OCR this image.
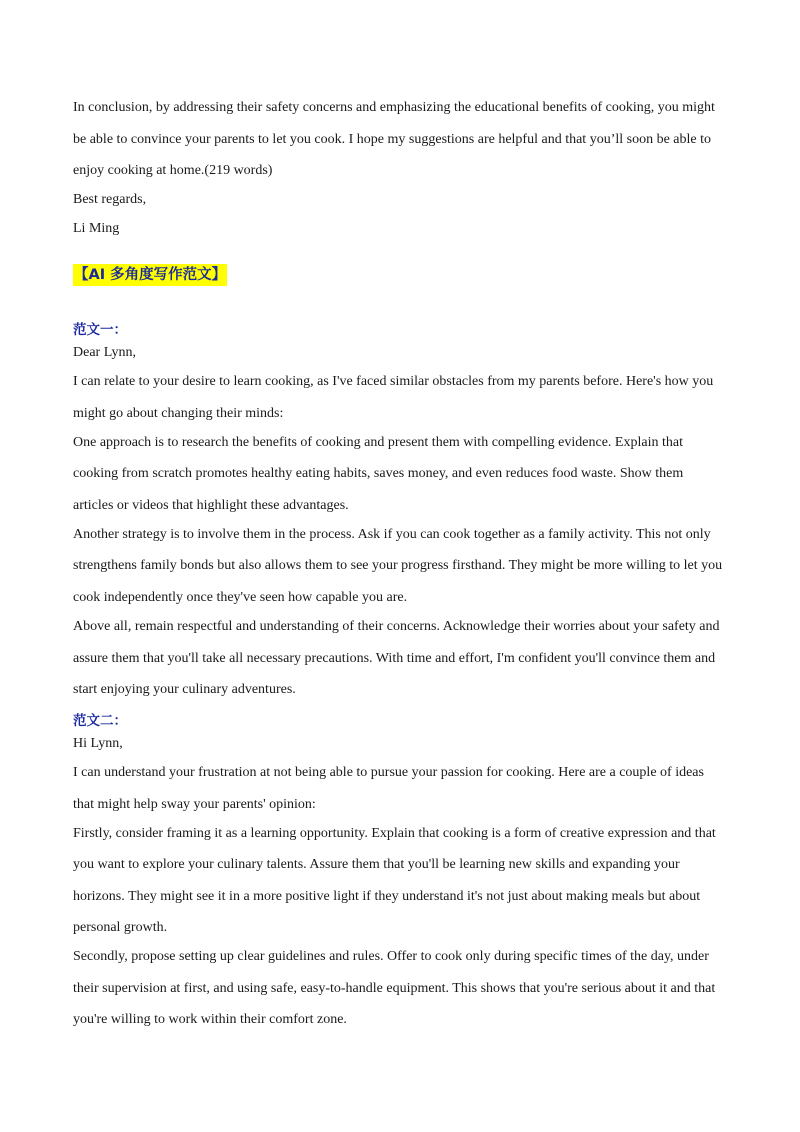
In conclusion, by addressing their safety concerns and emphasizing the educational benefits of cooking, you might
be able to convince your parents to let you cook. I hope my suggestions are helpful and that you’ll soon be able to
enjoy cooking at home.(219 words)
Best regards,
Li Ming
【AI 多角度写作范文】
范文一：
Dear Lynn,
I can relate to your desire to learn cooking, as I've faced similar obstacles from my parents before. Here's how you
might go about changing their minds:
One approach is to research the benefits of cooking and present them with compelling evidence. Explain that
cooking from scratch promotes healthy eating habits, saves money, and even reduces food waste. Show them
articles or videos that highlight these advantages.
Another strategy is to involve them in the process. Ask if you can cook together as a family activity. This not only
strengthens family bonds but also allows them to see your progress firsthand. They might be more willing to let you
cook independently once they've seen how capable you are.
Above all, remain respectful and understanding of their concerns. Acknowledge their worries about your safety and
assure them that you'll take all necessary precautions. With time and effort, I'm confident you'll convince them and
start enjoying your culinary adventures.
范文二：
Hi Lynn,
I can understand your frustration at not being able to pursue your passion for cooking. Here are a couple of ideas
that might help sway your parents' opinion:
Firstly, consider framing it as a learning opportunity. Explain that cooking is a form of creative expression and that
you want to explore your culinary talents. Assure them that you'll be learning new skills and expanding your
horizons. They might see it in a more positive light if they understand it's not just about making meals but about
personal growth.
Secondly, propose setting up clear guidelines and rules. Offer to cook only during specific times of the day, under
their supervision at first, and using safe, easy-to-handle equipment. This shows that you're serious about it and that
you're willing to work within their comfort zone.
